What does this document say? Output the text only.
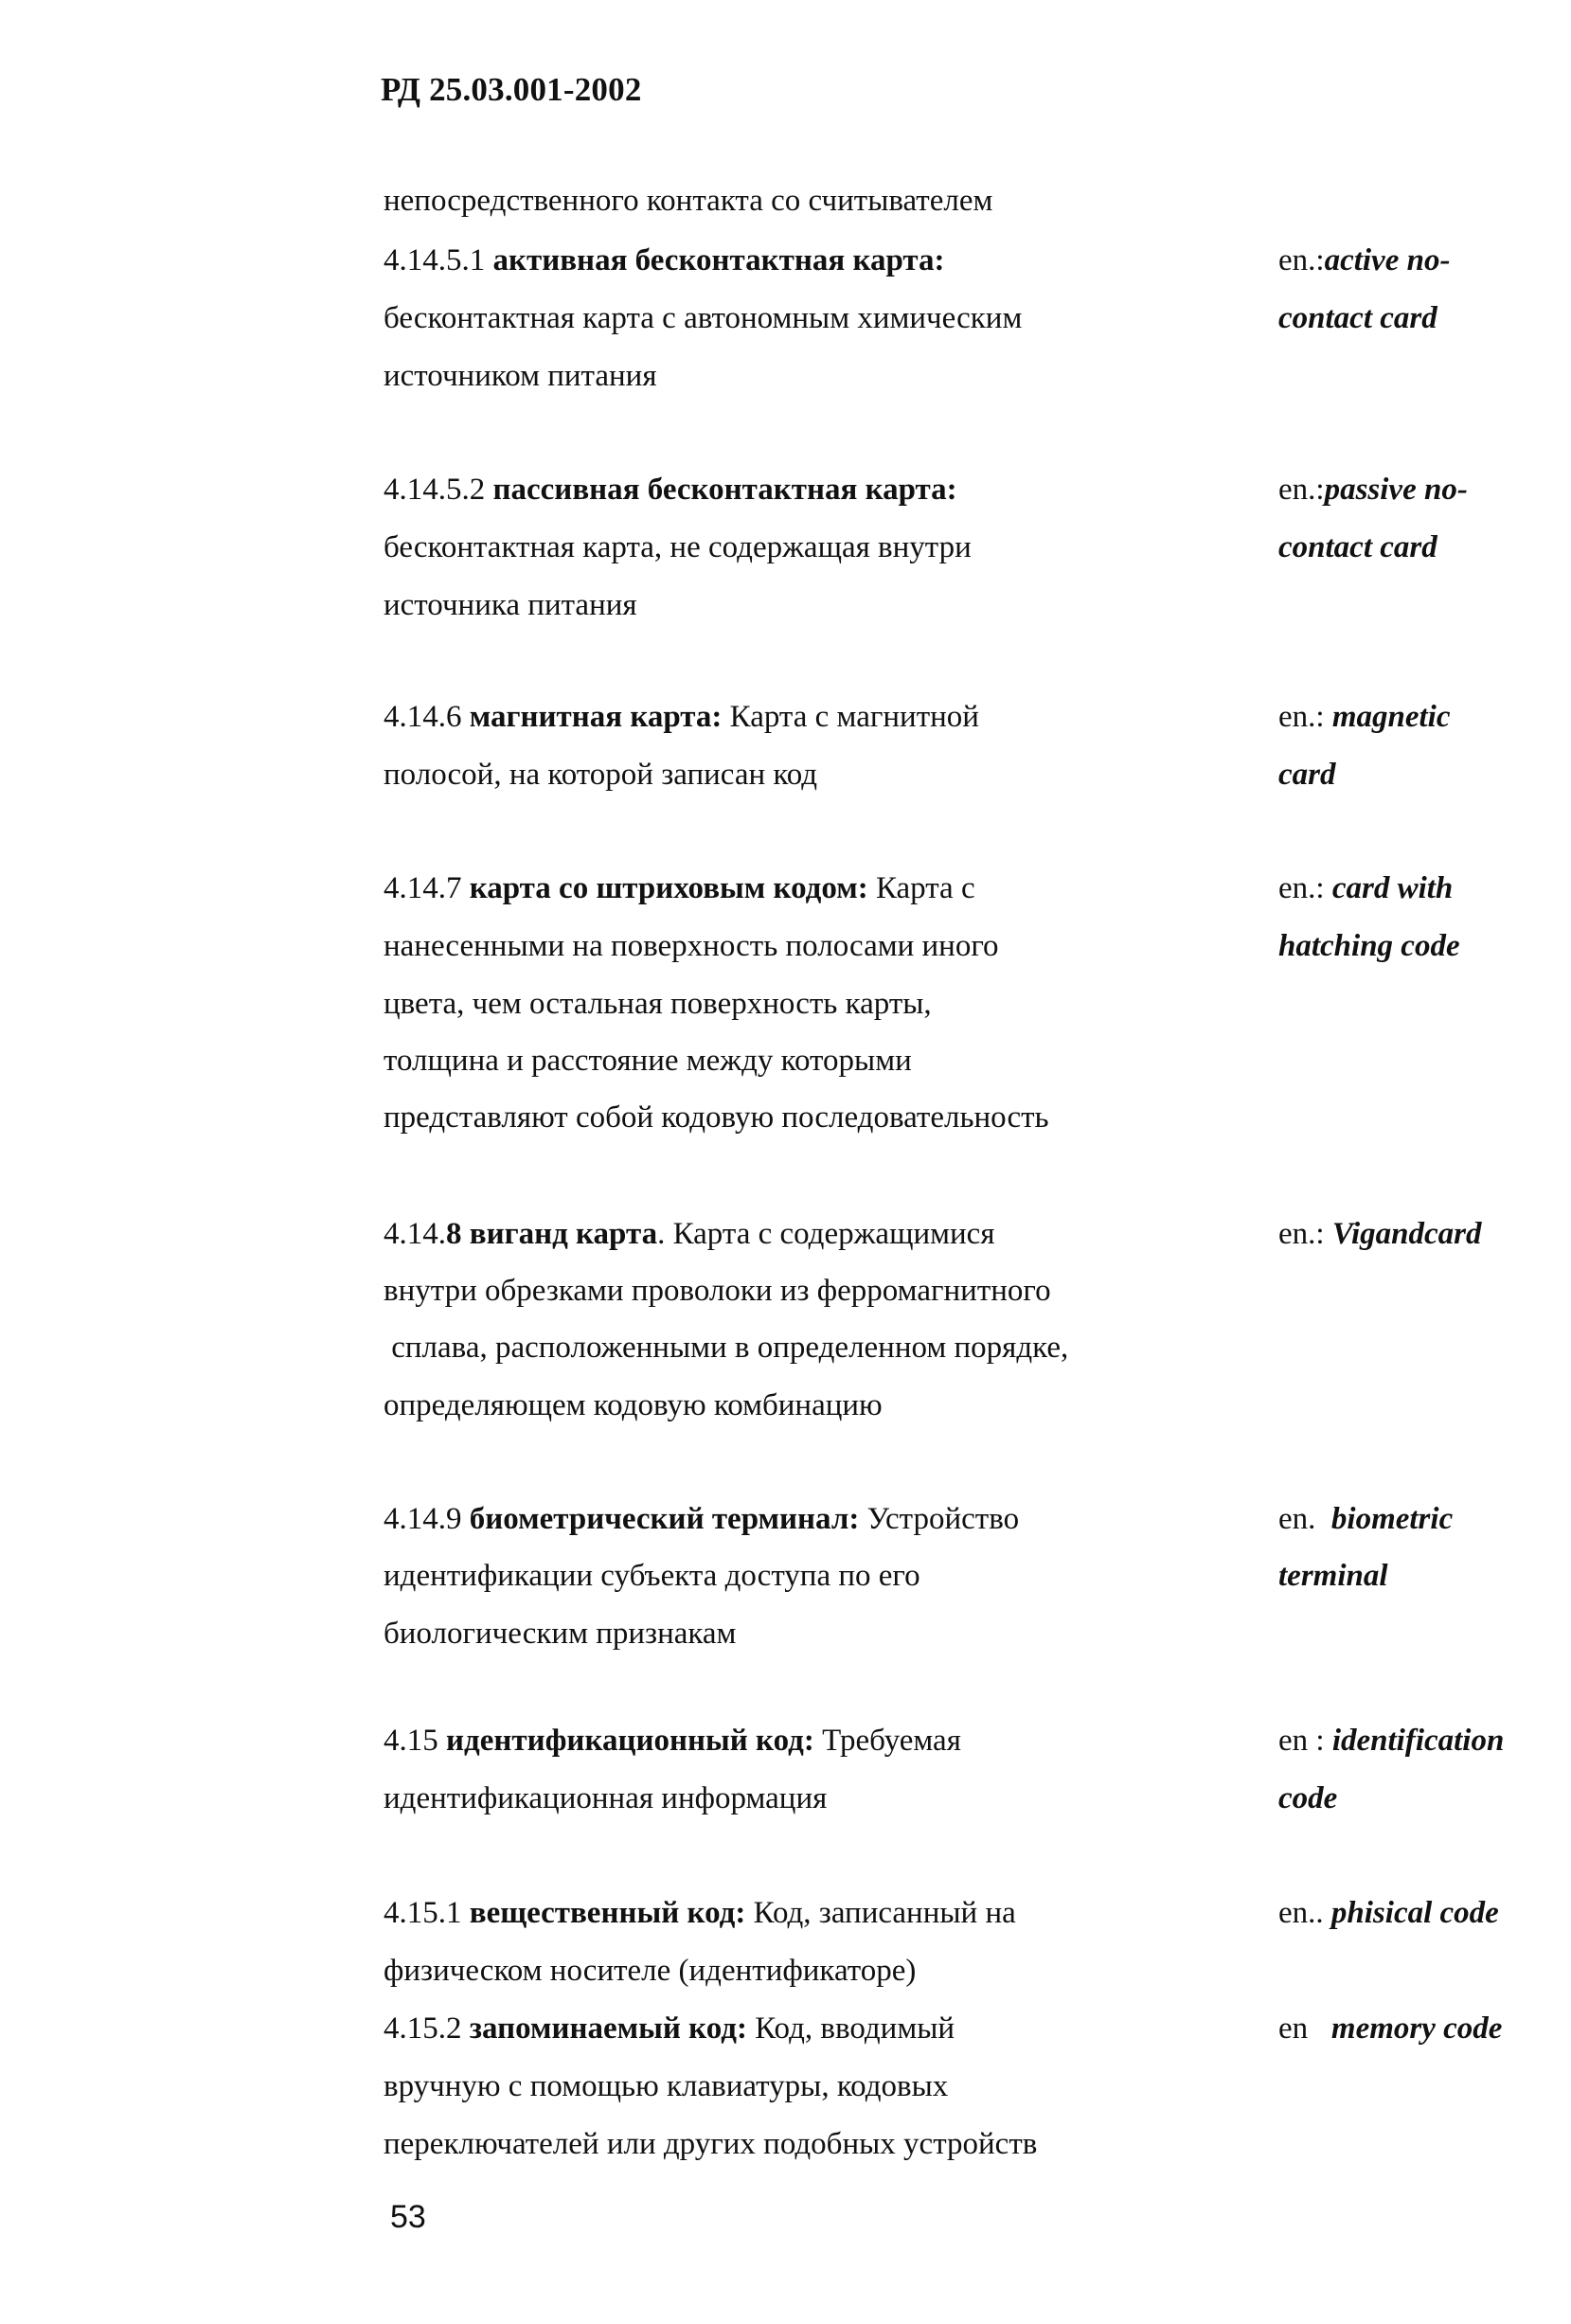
РД 25.03.001-2002
непосредственного контакта со считывателем
4.14.5.1 активная бесконтактная карта:
бесконтактная карта с автономным химическим
источником питания
en.:active no-
contact card
4.14.5.2 пассивная бесконтактная карта:
бесконтактная карта, не содержащая внутри
источника питания
en.:passive no-
contact card
4.14.6 магнитная карта: Карта с магнитной
полосой, на которой записан код
en.: magnetic
card
4.14.7 карта со штриховым кодом: Карта с
нанесенными на поверхность полосами иного
цвета, чем остальная поверхность карты,
толщина и расстояние между которыми
представляют собой кодовую последовательность
en.: card with
hatching code
4.14.8 виганд карта. Карта с содержащимися
внутри обрезками проволоки из ферромагнитного
сплава, расположенными в определенном порядке,
определяющем кодовую комбинацию
en.: Vigandcard
4.14.9 биометрический терминал: Устройство
идентификации субъекта доступа по его
биологическим признакам
en. biometric
terminal
4.15 идентификационный код: Требуемая
идентификационная информация
en : identification
code
4.15.1 вещественный код: Код, записанный на
физическом носителе (идентификаторе)
en.. phisical code
4.15.2 запоминаемый код: Код, вводимый
вручную с помощью клавиатуры, кодовых
переключателей или других подобных устройств
en memory code
53
